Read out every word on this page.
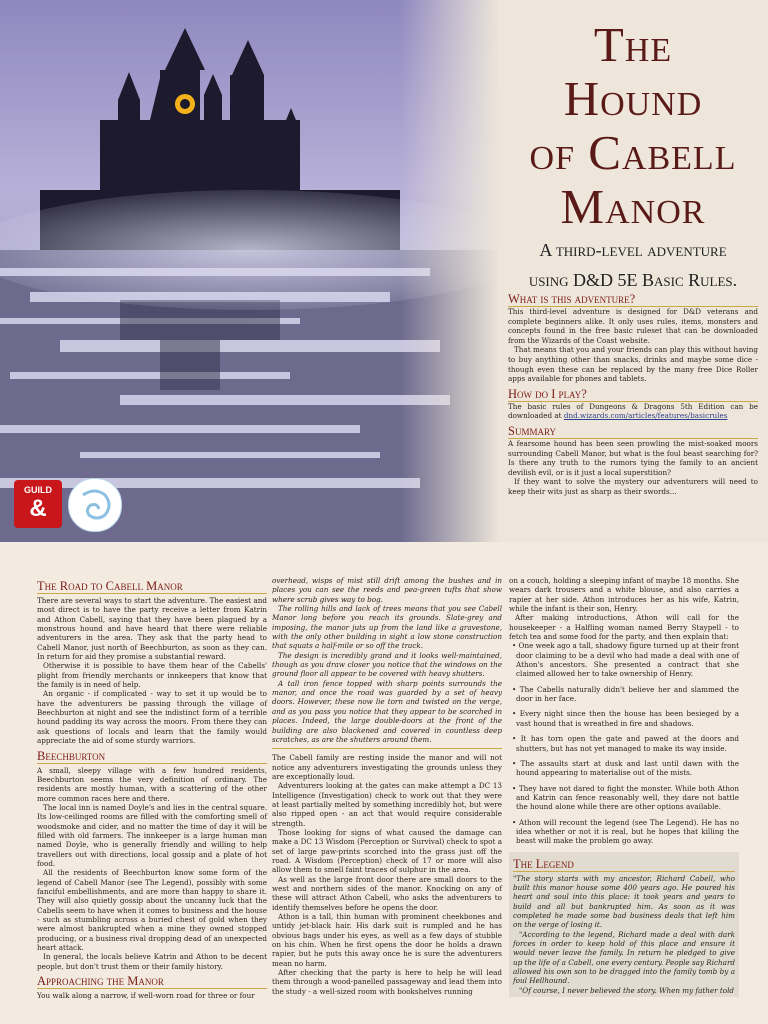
The
Hound
of Cabell
Manor
A third-level adventure
using D&D 5E Basic Rules.
What is this adventure?

This third-level adventure is designed for D&D veterans and complete beginners alike. It only uses rules, items, monsters and concepts found in the free basic ruleset that can be downloaded from the Wizards of the Coast website.

That means that you and your friends can play this without having to buy anything other than snacks, drinks and maybe some dice - though even these can be replaced by the many free Dice Roller apps available for phones and tablets.

How do I play?

The basic rules of Dungeons & Dragons 5th Edition can be downloaded at dnd.wizards.com/articles/features/basicrules

Summary

A fearsome hound has been seen prowling the mist-soaked moors surrounding Cabell Manor, but what is the foul beast searching for? Is there any truth to the rumors tying the family to an ancient devilish evil, or is it just a local superstition?

If they want to solve the mystery our adventurers will need to keep their wits just as sharp as their swords...

GUILD
&
The Road to Cabell Manor

There are several ways to start the adventure. The easiest and most direct is to have the party receive a letter from Katrin and Athon Cabell, saying that they have been plagued by a monstrous hound and have heard that there were reliable adventurers in the area. They ask that the party head to Cabell Manor, just north of Beechburton, as soon as they can. In return for aid they promise a substantial reward.

Otherwise it is possible to have them hear of the Cabells' plight from friendly merchants or innkeepers that know that the family is in need of help.

An organic - if complicated - way to set it up would be to have the adventurers be passing through the village of Beechburton at night and see the indistinct form of a terrible hound padding its way across the moors. From there they can ask questions of locals and learn that the family would appreciate the aid of some sturdy warriors.

Beechburton

A small, sleepy village with a few hundred residents, Beechburton seems the very definition of ordinary. The residents are mostly human, with a scattering of the other more common races here and there.

The local inn is named Doyle's and lies in the central square. Its low-ceilinged rooms are filled with the comforting smell of woodsmoke and cider, and no matter the time of day it will be filled with old farmers. The innkeeper is a large human man named Doyle, who is generally friendly and willing to help travellers out with directions, local gossip and a plate of hot food.

All the residents of Beechburton know some form of the legend of Cabell Manor (see The Legend), possibly with some fanciful embellishments, and are more than happy to share it. They will also quietly gossip about the uncanny luck that the Cabells seem to have when it comes to business and the house - such as stumbling across a buried chest of gold when they were almost bankrupted when a mine they owned stopped producing, or a business rival dropping dead of an unexpected heart attack.

In general, the locals believe Katrin and Athon to be decent people, but don't trust them or their family history.

Approaching the Manor

You walk along a narrow, if well-worn road for three or four

overhead, wisps of mist still drift among the bushes and in places you can see the reeds and pea-green tufts that show where scrub gives way to bog.

The rolling hills and lack of trees means that you see Cabell Manor long before you reach its grounds. Slate-grey and imposing, the manor juts up from the land like a gravestone, with the only other building in sight a low stone construction that squats a half-mile or so off the track.

The design is incredibly grand and it looks well-maintained, though as you draw closer you notice that the windows on the ground floor all appear to be covered with heavy shutters.

A tall iron fence topped with sharp points surrounds the manor, and once the road was guarded by a set of heavy doors. However, these now lie torn and twisted on the verge, and as you pass you notice that they appear to be scorched in places. Indeed, the large double-doors at the front of the building are also blackened and covered in countless deep scratches, as are the shutters around them.

The Cabell family are resting inside the manor and will not notice any adventurers investigating the grounds unless they are exceptionally loud.

Adventurers looking at the gates can make attempt a DC 13 Intelligence (Investigation) check to work out that they were at least partially melted by something incredibly hot, but were also ripped open - an act that would require considerable strength.

Those looking for signs of what caused the damage can make a DC 13 Wisdom (Perception or Survival) check to spot a set of large paw-prints scorched into the grass just off the road. A Wisdom (Perception) check of 17 or more will also allow them to smell faint traces of sulphur in the area.

As well as the large front door there are small doors to the west and northern sides of the manor. Knocking on any of these will attract Athon Cabell, who asks the adventurers to identify themselves before he opens the door.

Athon is a tall, thin human with prominent cheekbones and untidy jet-black hair. His dark suit is rumpled and he has obvious bags under his eyes, as well as a few days of stubble on his chin. When he first opens the door he holds a drawn rapier, but he puts this away once he is sure the adventurers mean no harm.

After checking that the party is here to help he will lead them through a wood-panelled passageway and lead them into the study - a well-sized room with bookshelves running

on a couch, holding a sleeping infant of maybe 18 months. She wears dark trousers and a white blouse, and also carries a rapier at her side. Athon introduces her as his wife, Katrin, while the infant is their son, Henry.

After making introductions, Athon will call for the housekeeper - a Halfling woman named Berry Staypell - to fetch tea and some food for the party, and then explain that:

• One week ago a tall, shadowy figure turned up at their front door claiming to be a devil who had made a deal with one of Athon's ancestors. She presented a contract that she claimed allowed her to take ownership of Henry.
• The Cabells naturally didn't believe her and slammed the door in her face.
• Every night since then the house has been besieged by a vast hound that is wreathed in fire and shadows.
• It has torn open the gate and pawed at the doors and shutters, but has not yet managed to make its way inside.
• The assaults start at dusk and last until dawn with the hound appearing to materialise out of the mists.
• They have not dared to fight the monster. While both Athon and Katrin can fence reasonably well, they dare not battle the hound alone while there are other options available.
• Athon will recount the legend (see The Legend). He has no idea whether or not it is real, but he hopes that killing the beast will make the problem go away.
The Legend

"The story starts with my ancestor, Richard Cabell, who built this manor house some 400 years ago. He poured his heart and soul into this place: it took years and years to build and all but bankrupted him. As soon as it was completed he made some bad business deals that left him on the verge of losing it.

"According to the legend, Richard made a deal with dark forces in order to keep hold of this place and ensure it would never leave the family. In return he pledged to give up the life of a Cabell, one every century. People say Richard allowed his own son to be dragged into the family tomb by a foul Hellhound.

"Of course, I never believed the story. When my father told
